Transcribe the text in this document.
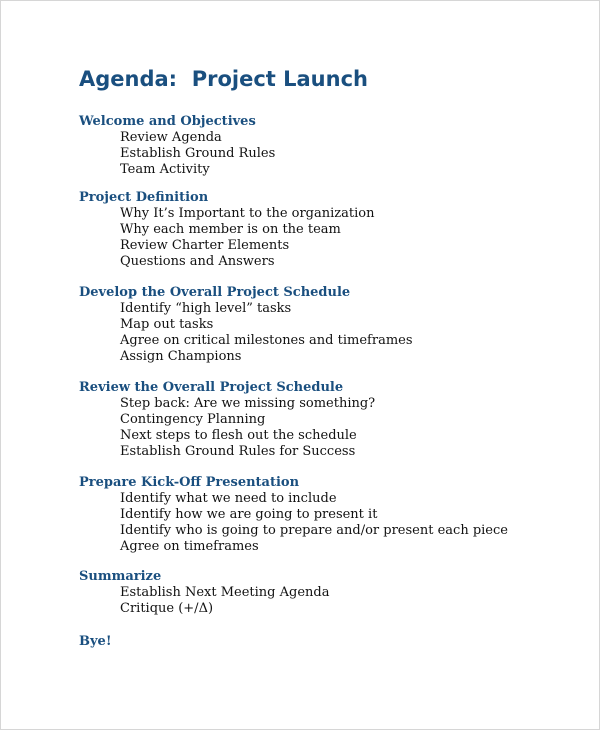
Agenda:  Project Launch
Welcome and Objectives
Review Agenda
Establish Ground Rules
Team Activity
Project Definition
Why It’s Important to the organization
Why each member is on the team
Review Charter Elements
Questions and Answers
Develop the Overall Project Schedule
Identify “high level” tasks
Map out tasks
Agree on critical milestones and timeframes
Assign Champions
Review the Overall Project Schedule
Step back: Are we missing something?
Contingency Planning
Next steps to flesh out the schedule
Establish Ground Rules for Success
Prepare Kick-Off Presentation
Identify what we need to include
Identify how we are going to present it
Identify who is going to prepare and/or present each piece
Agree on timeframes
Summarize
Establish Next Meeting Agenda
Critique (+/Δ)
Bye!
